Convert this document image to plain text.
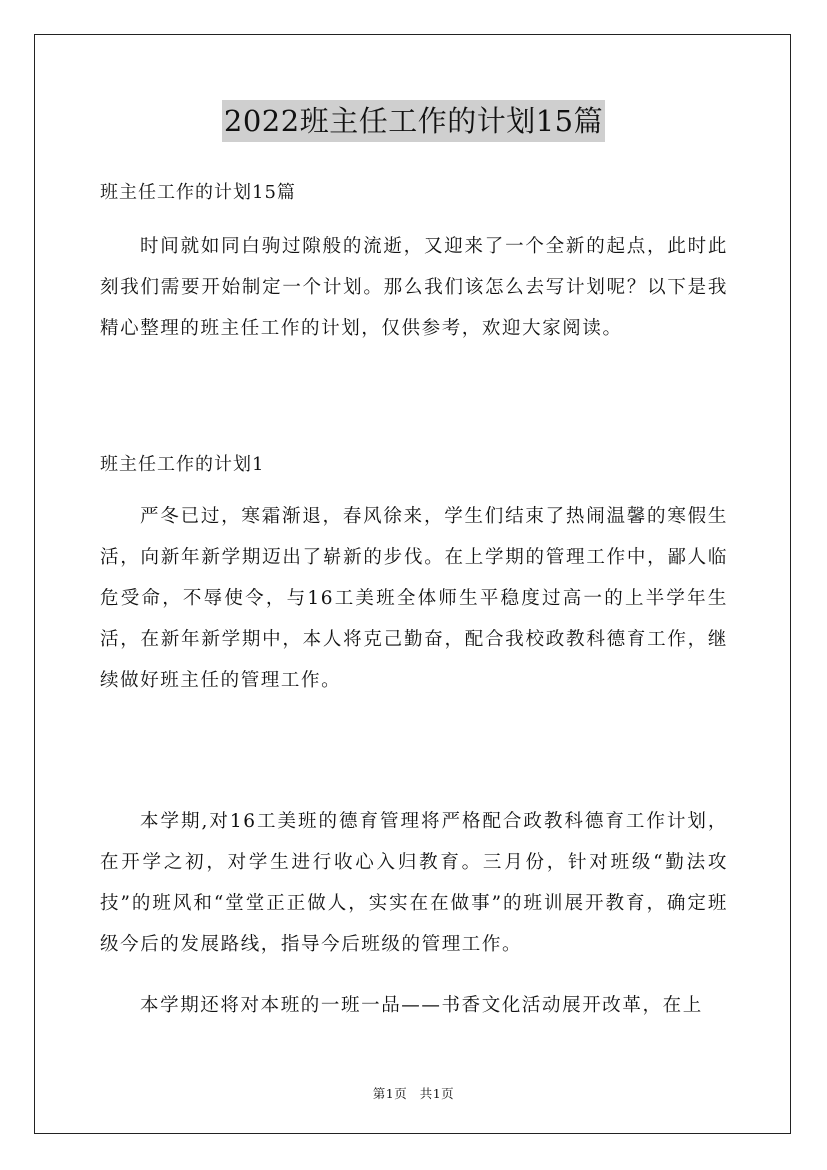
2022班主任工作的计划15篇
班主任工作的计划15篇

时间就如同白驹过隙般的流逝，又迎来了一个全新的起点，此时此刻我们需要开始制定一个计划。那么我们该怎么去写计划呢？以下是我精心整理的班主任工作的计划，仅供参考，欢迎大家阅读。

班主任工作的计划1

严冬已过，寒霜渐退，春风徐来，学生们结束了热闹温馨的寒假生活，向新年新学期迈出了崭新的步伐。在上学期的管理工作中，鄙人临危受命，不辱使令，与16工美班全体师生平稳度过高一的上半学年生活，在新年新学期中，本人将克己勤奋，配合我校政教科德育工作，继续做好班主任的管理工作。

本学期,对16工美班的德育管理将严格配合政教科德育工作计划，在开学之初，对学生进行收心入归教育。三月份，针对班级“勤法攻技”的班风和“堂堂正正做人，实实在在做事”的班训展开教育，确定班级今后的发展路线，指导今后班级的管理工作。

本学期还将对本班的一班一品——书香文化活动展开改革，在上

第1页 共1页
